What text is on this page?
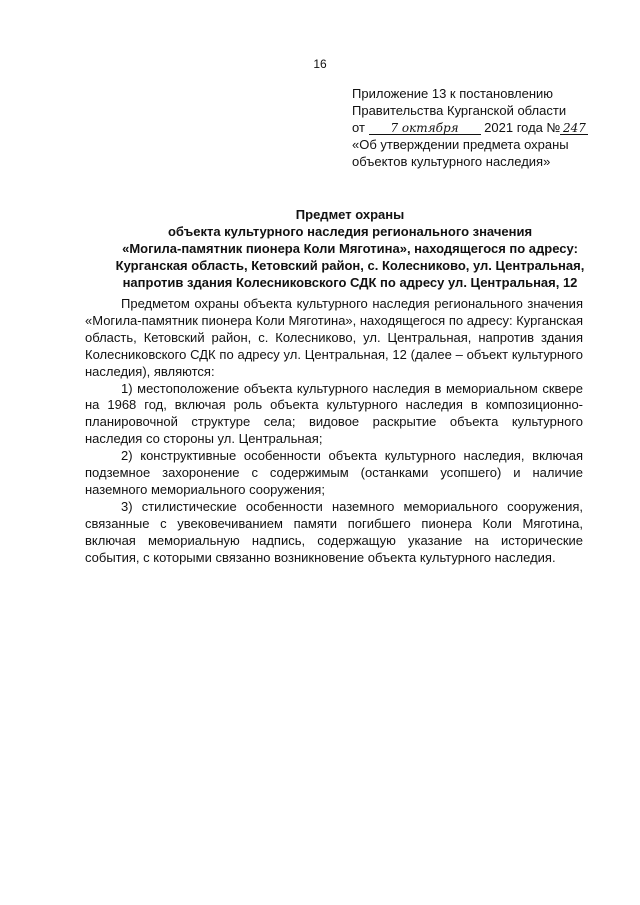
16
Приложение 13 к постановлению
Правительства Курганской области
от 7 октября 2021 года № 247
«Об утверждении предмета охраны
объектов культурного наследия»
Предмет охраны
объекта культурного наследия регионального значения
«Могила-памятник пионера Коли Мяготина», находящегося по адресу:
Курганская область, Кетовский район, с. Колесниково, ул. Центральная,
напротив здания Колесниковского СДК по адресу ул. Центральная, 12

Предметом охраны объекта культурного наследия регионального значения «Могила-памятник пионера Коли Мяготина», находящегося по адресу: Курганская область, Кетовский район, с. Колесниково, ул. Центральная, напротив здания Колесниковского СДК по адресу ул. Центральная, 12 (далее – объект культурного наследия), являются:

1) местоположение объекта культурного наследия в мемориальном сквере на 1968 год, включая роль объекта культурного наследия в композиционно-планировочной структуре села; видовое раскрытие объекта культурного наследия со стороны ул. Центральная;

2) конструктивные особенности объекта культурного наследия, включая подземное захоронение с содержимым (останками усопшего) и наличие наземного мемориального сооружения;

3) стилистические особенности наземного мемориального сооружения, связанные с увековечиванием памяти погибшего пионера Коли Мяготина, включая мемориальную надпись, содержащую указание на исторические события, с которыми связанно возникновение объекта культурного наследия.
